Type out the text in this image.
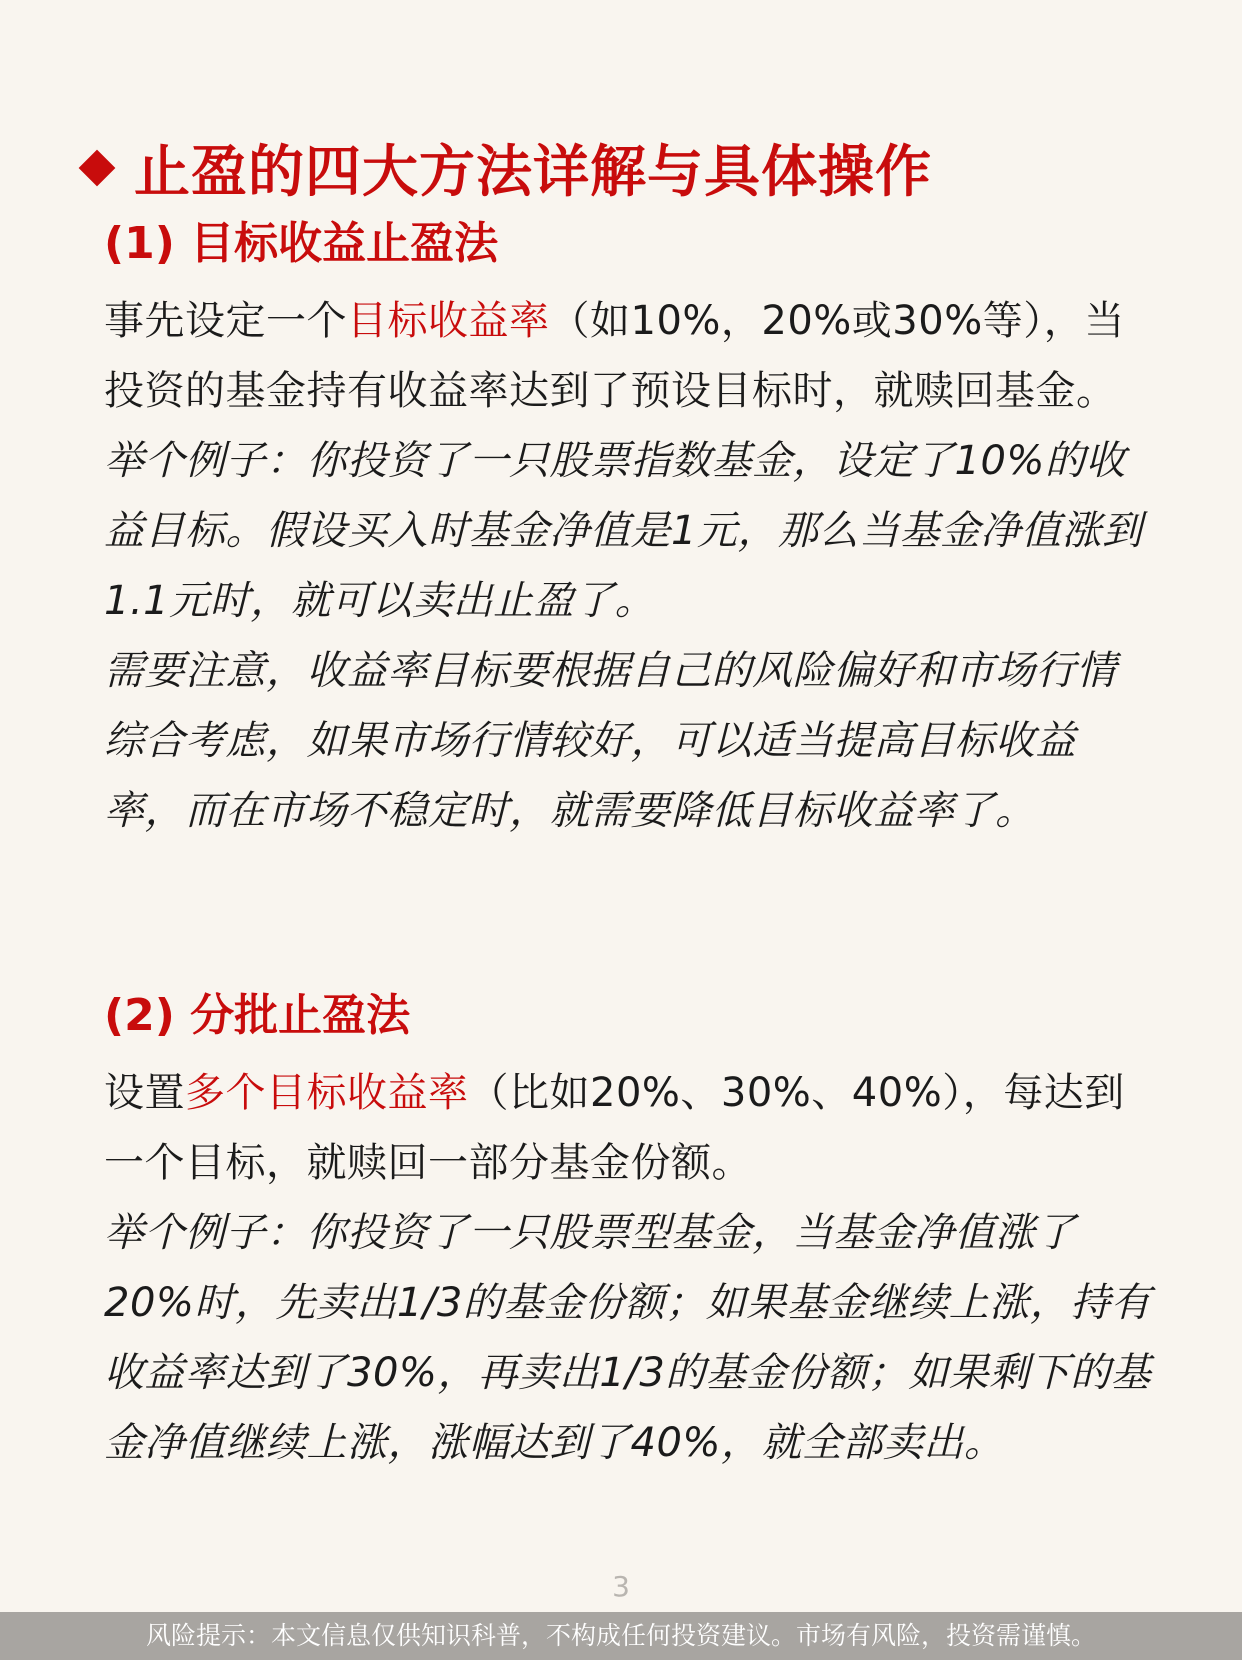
止盈的四大方法详解与具体操作
(1) 目标收益止盈法

事先设定一个目标收益率（如10%，20%或30%等），当投资的基金持有收益率达到了预设目标时，就赎回基金。

举个例子：你投资了一只股票指数基金，设定了10%的收益目标。假设买入时基金净值是1元，那么当基金净值涨到1.1元时，就可以卖出止盈了。

需要注意，收益率目标要根据自己的风险偏好和市场行情综合考虑，如果市场行情较好，可以适当提高目标收益率，而在市场不稳定时，就需要降低目标收益率了。

(2) 分批止盈法

设置多个目标收益率（比如20%、30%、40%），每达到一个目标，就赎回一部分基金份额。

举个例子：你投资了一只股票型基金，当基金净值涨了20%时，先卖出1/3的基金份额；如果基金继续上涨，持有收益率达到了30%，再卖出1/3的基金份额；如果剩下的基金净值继续上涨，涨幅达到了40%，就全部卖出。

3
风险提示：本文信息仅供知识科普，不构成任何投资建议。市场有风险，投资需谨慎。
